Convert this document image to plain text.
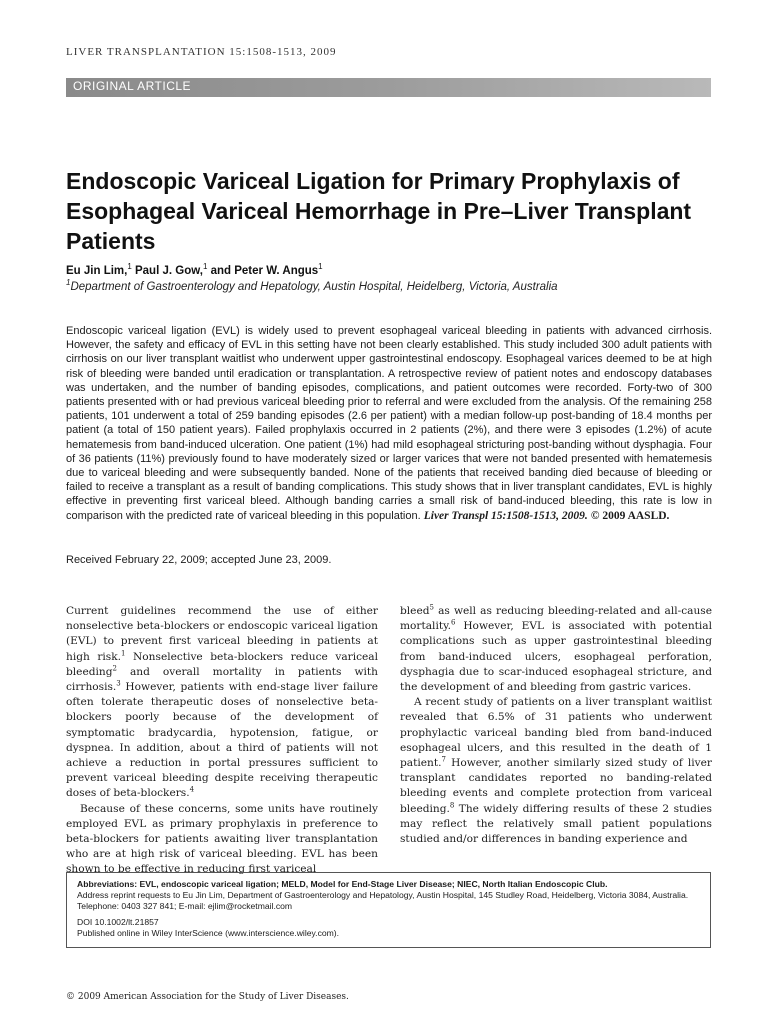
LIVER TRANSPLANTATION 15:1508-1513, 2009
ORIGINAL ARTICLE
Endoscopic Variceal Ligation for Primary Prophylaxis of Esophageal Variceal Hemorrhage in Pre–Liver Transplant Patients
Eu Jin Lim,$^1$ Paul J. Gow,$^1$ and Peter W. Angus$^1$
$^1$Department of Gastroenterology and Hepatology, Austin Hospital, Heidelberg, Victoria, Australia

Endoscopic variceal ligation (EVL) is widely used to prevent esophageal variceal bleeding in patients with advanced cirrhosis. However, the safety and efficacy of EVL in this setting have not been clearly established. This study included 300 adult patients with cirrhosis on our liver transplant waitlist who underwent upper gastrointestinal endoscopy. Esophageal varices deemed to be at high risk of bleeding were banded until eradication or transplantation. A retrospective review of patient notes and endoscopy databases was undertaken, and the number of banding episodes, complications, and patient outcomes were recorded. Forty-two of 300 patients presented with or had previous variceal bleeding prior to referral and were excluded from the analysis. Of the remaining 258 patients, 101 underwent a total of 259 banding episodes (2.6 per patient) with a median follow-up post-banding of 18.4 months per patient (a total of 150 patient years). Failed prophylaxis occurred in 2 patients (2%), and there were 3 episodes (1.2%) of acute hematemesis from band-induced ulceration. One patient (1%) had mild esophageal stricturing post-banding without dysphagia. Four of 36 patients (11%) previously found to have moderately sized or larger varices that were not banded presented with hematemesis due to variceal bleeding and were subsequently banded. None of the patients that received banding died because of bleeding or failed to receive a transplant as a result of banding complications. This study shows that in liver transplant candidates, EVL is highly effective in preventing first variceal bleed. Although banding carries a small risk of band-induced bleeding, this rate is low in comparison with the predicted rate of variceal bleeding in this population. Liver Transpl 15:1508-1513, 2009. © 2009 AASLD.

Received February 22, 2009; accepted June 23, 2009.

Current guidelines recommend the use of either nonselective beta-blockers or endoscopic variceal ligation (EVL) to prevent first variceal bleeding in patients at high risk.$^1$ Nonselective beta-blockers reduce variceal bleeding$^2$ and overall mortality in patients with cirrhosis.$^3$ However, patients with end-stage liver failure often tolerate therapeutic doses of nonselective beta-blockers poorly because of the development of symptomatic bradycardia, hypotension, fatigue, or dyspnea. In addition, about a third of patients will not achieve a reduction in portal pressures sufficient to prevent variceal bleeding despite receiving therapeutic doses of beta-blockers.$^4$

Because of these concerns, some units have routinely employed EVL as primary prophylaxis in preference to beta-blockers for patients awaiting liver transplantation who are at high risk of variceal bleeding. EVL has been shown to be effective in reducing first variceal

bleed$^5$ as well as reducing bleeding-related and all-cause mortality.$^6$ However, EVL is associated with potential complications such as upper gastrointestinal bleeding from band-induced ulcers, esophageal perforation, dysphagia due to scar-induced esophageal stricture, and the development of and bleeding from gastric varices.

A recent study of patients on a liver transplant waitlist revealed that 6.5% of 31 patients who underwent prophylactic variceal banding bled from band-induced esophageal ulcers, and this resulted in the death of 1 patient.$^7$ However, another similarly sized study of liver transplant candidates reported no banding-related bleeding events and complete protection from variceal bleeding.$^8$ The widely differing results of these 2 studies may reflect the relatively small patient populations studied and/or differences in banding experience and

Abbreviations: EVL, endoscopic variceal ligation; MELD, Model for End-Stage Liver Disease; NIEC, North Italian Endoscopic Club.
Address reprint requests to Eu Jin Lim, Department of Gastroenterology and Hepatology, Austin Hospital, 145 Studley Road, Heidelberg, Victoria 3084, Australia. Telephone: 0403 327 841; E-mail: ejlim@rocketmail.com
DOI 10.1002/lt.21857
Published online in Wiley InterScience (www.interscience.wiley.com).
© 2009 American Association for the Study of Liver Diseases.
